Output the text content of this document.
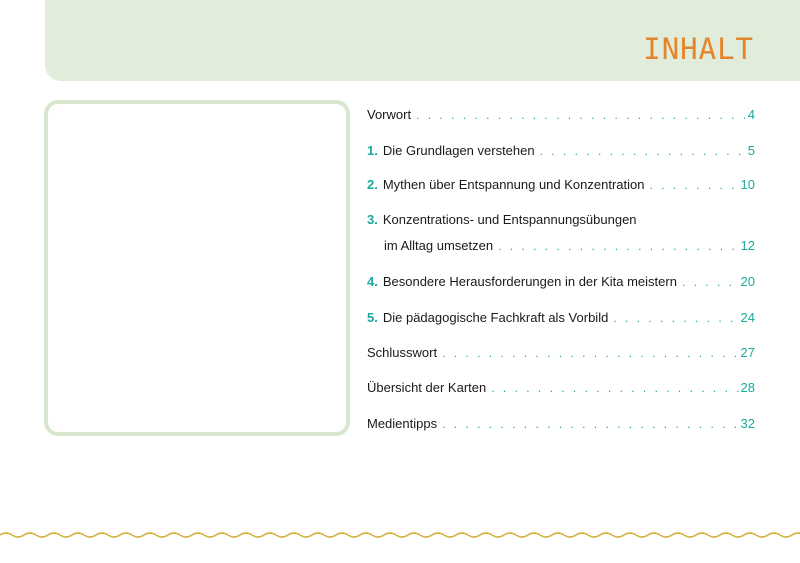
INHALT
Vorwort . . .	4
1. Die Grundlagen verstehen . . .	5
2. Mythen über Entspannung und Konzentration . . .	10
3. Konzentrations- und Entspannungsübungen
im Alltag umsetzen . . .	12
4. Besondere Herausforderungen in der Kita meistern . . .	20
5. Die pädagogische Fachkraft als Vorbild . . .	24
Schlusswort . . .	27
Übersicht der Karten . . .	28
Medientipps . . .	32
